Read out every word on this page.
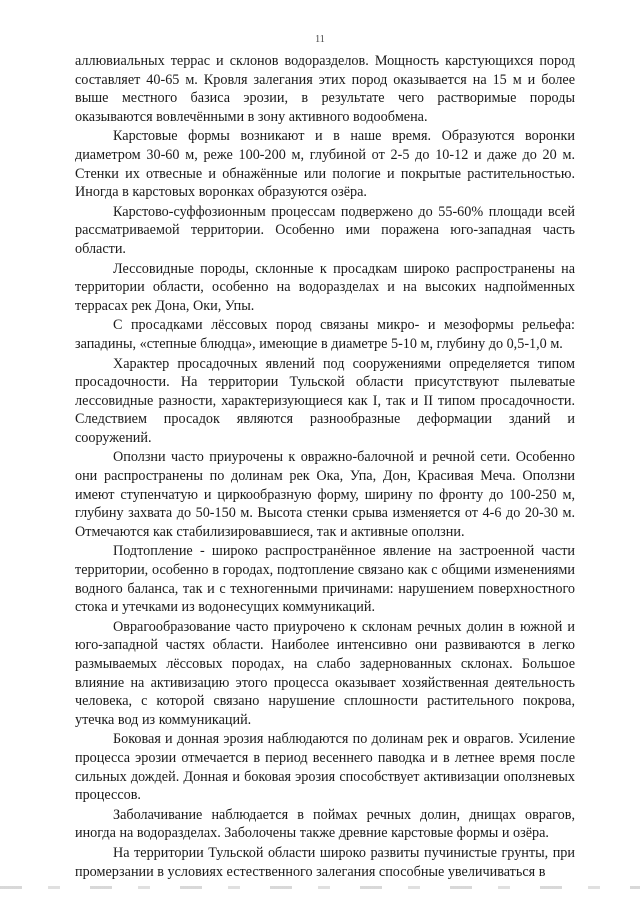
11

аллювиальных террас и склонов водоразделов. Мощность карстующихся пород составляет 40-65 м. Кровля залегания этих пород оказывается на 15 м и более выше местного базиса эрозии, в результате чего растворимые породы оказываются вовлечёнными в зону активного водообмена.

Карстовые формы возникают и в наше время. Образуются воронки диаметром 30-60 м, реже 100-200 м, глубиной от 2-5 до 10-12 и даже до 20 м. Стенки их отвесные и обнажённые или пологие и покрытые растительностью. Иногда в карстовых воронках образуются озёра.

Карстово-суффозионным процессам подвержено до 55-60% площади всей рассматриваемой территории. Особенно ими поражена юго-западная часть области.

Лессовидные породы, склонные к просадкам широко распространены на территории области, особенно на водоразделах и на высоких надпойменных террасах рек Дона, Оки, Упы.

С просадками лёссовых пород связаны микро- и мезоформы рельефа: западины, «степные блюдца», имеющие в диаметре 5-10 м, глубину до 0,5-1,0 м.

Характер просадочных явлений под сооружениями определяется типом просадочности. На территории Тульской области присутствуют пылеватые лессовидные разности, характеризующиеся как I, так и II типом просадочности. Следствием просадок являются разнообразные деформации зданий и сооружений.

Оползни часто приурочены к овражно-балочной и речной сети. Особенно они распространены по долинам рек Ока, Упа, Дон, Красивая Меча. Оползни имеют ступенчатую и циркообразную форму, ширину по фронту до 100-250 м, глубину захвата до 50-150 м. Высота стенки срыва изменяется от 4-6 до 20-30 м. Отмечаются как стабилизировавшиеся, так и активные оползни.

Подтопление - широко распространённое явление на застроенной части территории, особенно в городах, подтопление связано как с общими изменениями водного баланса, так и с техногенными причинами: нарушением поверхностного стока и утечками из водонесущих коммуникаций.

Оврагообразование часто приурочено к склонам речных долин в южной и юго-западной частях области. Наиболее интенсивно они развиваются в легко размываемых лёссовых породах, на слабо задернованных склонах. Большое влияние на активизацию этого процесса оказывает хозяйственная деятельность человека, с которой связано нарушение сплошности растительного покрова, утечка вод из коммуникаций.

Боковая и донная эрозия наблюдаются по долинам рек и оврагов. Усиление процесса эрозии отмечается в период весеннего паводка и в летнее время после сильных дождей. Донная и боковая эрозия способствует активизации оползневых процессов.

Заболачивание наблюдается в поймах речных долин, днищах оврагов, иногда на водоразделах. Заболочены также древние карстовые формы и озёра.

На территории Тульской области широко развиты пучинистые грунты, при промерзании в условиях естественного залегания способные увеличиваться в
